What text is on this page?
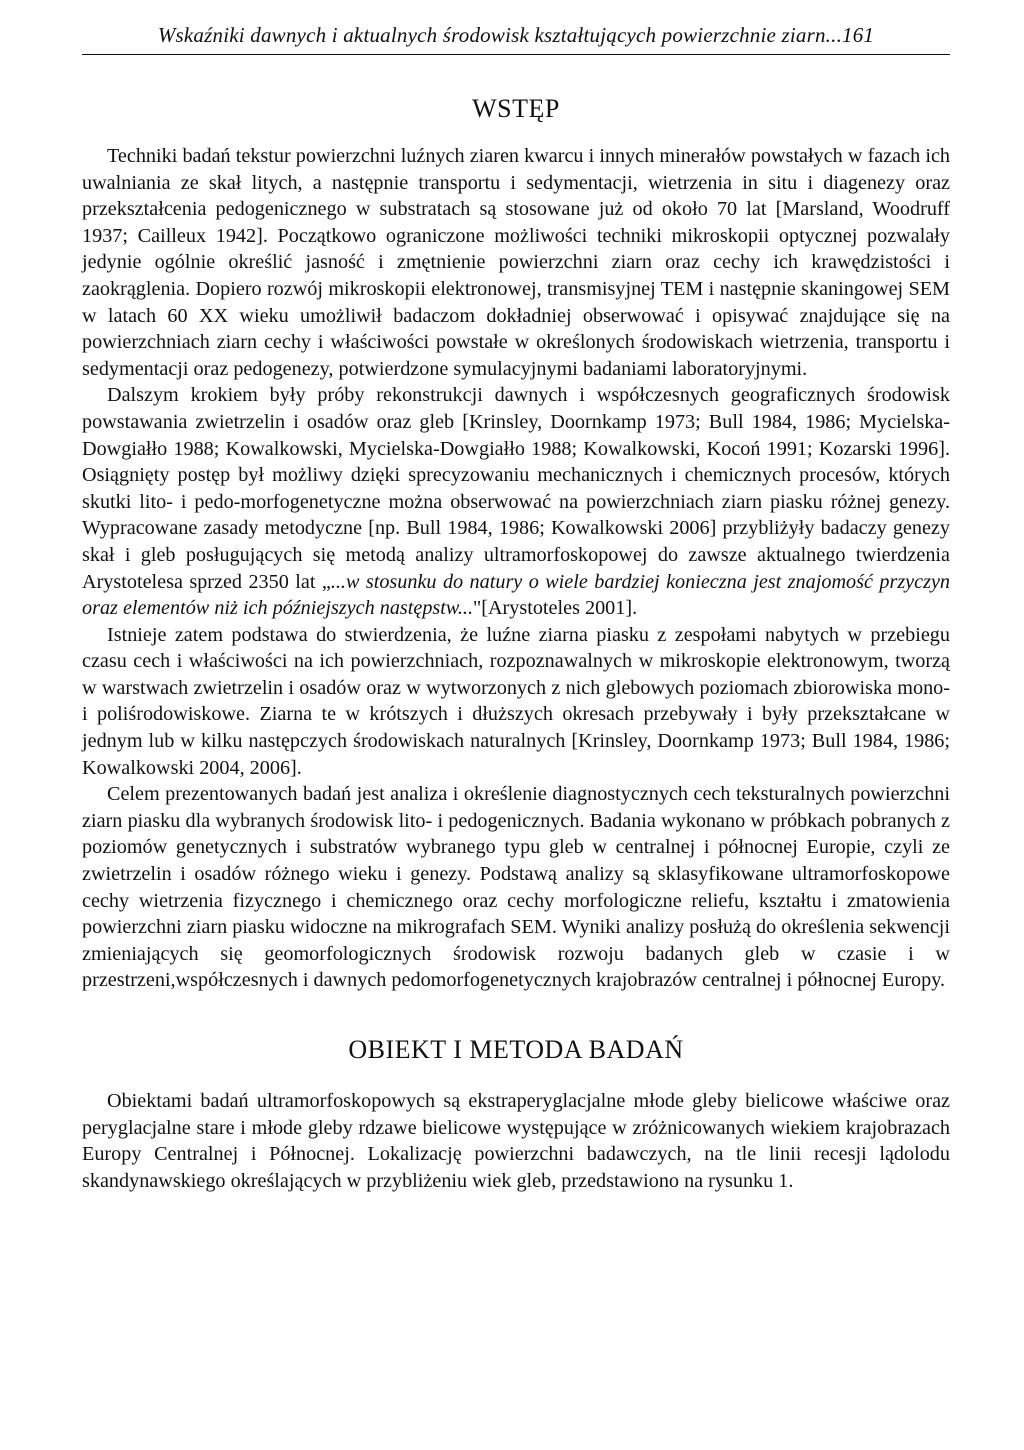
Wskaźniki dawnych i aktualnych środowisk kształtujących powierzchnie ziarn...161
WSTĘP

Techniki badań tekstur powierzchni luźnych ziaren kwarcu i innych minerałów powstałych w fazach ich uwalniania ze skał litych, a następnie transportu i sedymentacji, wietrzenia in situ i diagenezy oraz przekształcenia pedogenicznego w substratach są stosowane już od około 70 lat [Marsland, Woodruff 1937; Cailleux 1942]. Początkowo ograniczone możliwości techniki mikroskopii optycznej pozwalały jedynie ogólnie określić jasność i zmętnienie powierzchni ziarn oraz cechy ich krawędzistości i zaokrąglenia. Dopiero rozwój mikroskopii elektronowej, transmisyjnej TEM i następnie skaningowej SEM w latach 60 XX wieku umożliwił badaczom dokładniej obserwować i opisywać znajdujące się na powierzchniach ziarn cechy i właściwości powstałe w określonych środowiskach wietrzenia, transportu i sedymentacji oraz pedogenezy, potwierdzone symulacyjnymi badaniami laboratoryjnymi.

Dalszym krokiem były próby rekonstrukcji dawnych i współczesnych geograficznych środowisk powstawania zwietrzelin i osadów oraz gleb [Krinsley, Doornkamp 1973; Bull 1984, 1986; Mycielska-Dowgiałło 1988; Kowalkowski, Mycielska-Dowgiałło 1988; Kowalkowski, Kocoń 1991; Kozarski 1996]. Osiągnięty postęp był możliwy dzięki sprecyzowaniu mechanicznych i chemicznych procesów, których skutki lito- i pedo-morfogenetyczne można obserwować na powierzchniach ziarn piasku różnej genezy. Wypracowane zasady metodyczne [np. Bull 1984, 1986; Kowalkowski 2006] przybliżyły badaczy genezy skał i gleb posługujących się metodą analizy ultramorfoskopowej do zawsze aktualnego twierdzenia Arystotelesa sprzed 2350 lat „...w stosunku do natury o wiele bardziej konieczna jest znajomość przyczyn oraz elementów niż ich późniejszych następstw..."[Arystoteles 2001].

Istnieje zatem podstawa do stwierdzenia, że luźne ziarna piasku z zespołami nabytych w przebiegu czasu cech i właściwości na ich powierzchniach, rozpoznawalnych w mikroskopie elektronowym, tworzą w warstwach zwietrzelin i osadów oraz w wytworzonych z nich glebowych poziomach zbiorowiska mono- i poliśrodowiskowe. Ziarna te w krótszych i dłuższych okresach przebywały i były przekształcane w jednym lub w kilku następczych środowiskach naturalnych [Krinsley, Doornkamp 1973; Bull 1984, 1986; Kowalkowski 2004, 2006].

Celem prezentowanych badań jest analiza i określenie diagnostycznych cech teksturalnych powierzchni ziarn piasku dla wybranych środowisk lito- i pedogenicznych. Badania wykonano w próbkach pobranych z poziomów genetycznych i substratów wybranego typu gleb w centralnej i północnej Europie, czyli ze zwietrzelin i osadów różnego wieku i genezy. Podstawą analizy są sklasyfikowane ultramorfoskopowe cechy wietrzenia fizycznego i chemicznego oraz cechy morfologiczne reliefu, kształtu i zmatowienia powierzchni ziarn piasku widoczne na mikrografach SEM. Wyniki analizy posłużą do określenia sekwencji zmieniających się geomorfologicznych środowisk rozwoju badanych gleb w czasie i w przestrzeni,współczesnych i dawnych pedomorfogenetycznych krajobrazów centralnej i północnej Europy.

OBIEKT I METODA BADAŃ

Obiektami badań ultramorfoskopowych są ekstraperyglacjalne młode gleby bielicowe właściwe oraz peryglacjalne stare i młode gleby rdzawe bielicowe występujące w zróżnicowanych wiekiem krajobrazach Europy Centralnej i Północnej. Lokalizację powierzchni badawczych, na tle linii recesji lądolodu skandynawskiego określających w przybliżeniu wiek gleb, przedstawiono na rysunku 1.
